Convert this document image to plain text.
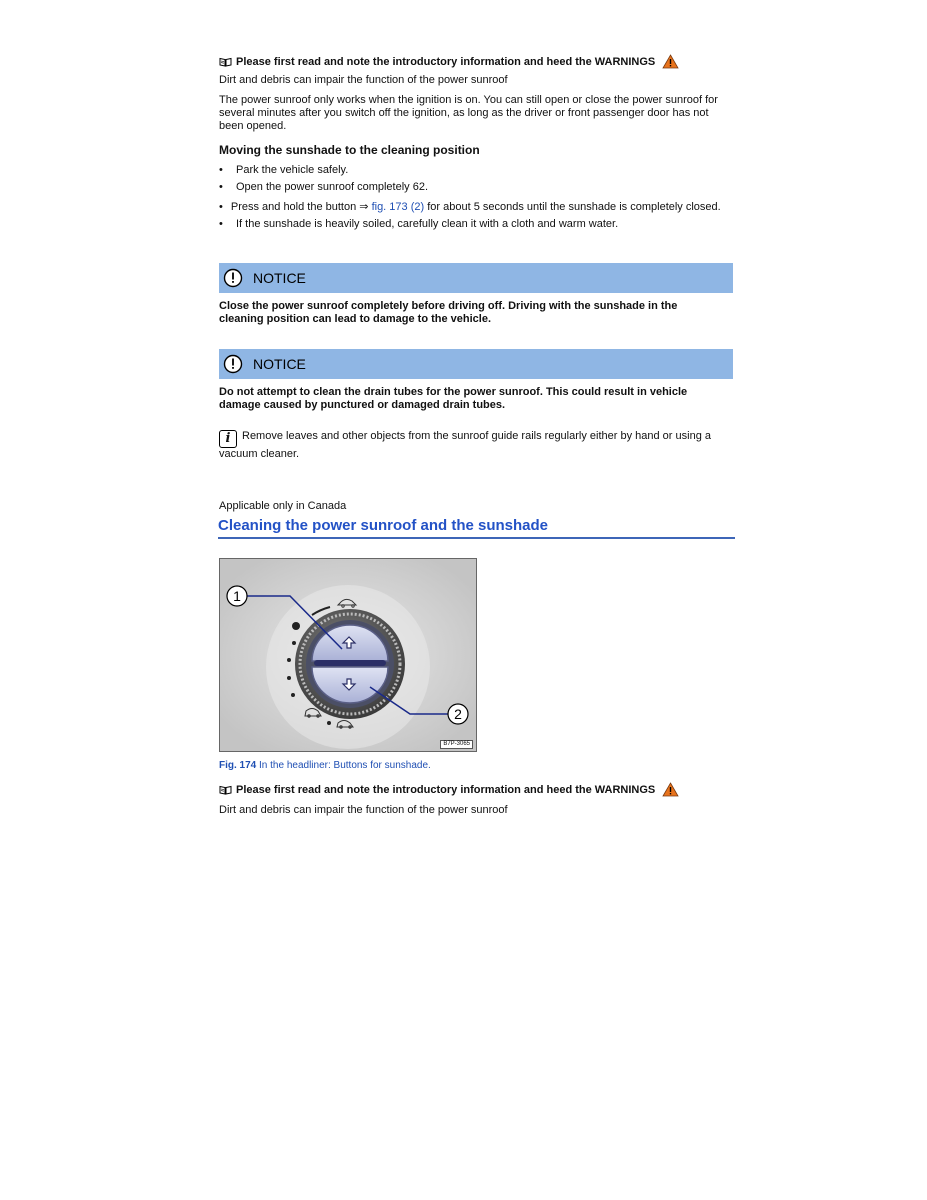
Please first read and note the introductory information and heed the WARNINGS

Dirt and debris can impair the function of the power sunroof

The power sunroof only works when the ignition is on. You can still open or close the power sunroof for several minutes after you switch off the ignition, as long as the driver or front passenger door has not been opened.

Moving the sunshade to the cleaning position
•	Park the vehicle safely.
•	Open the power sunroof completely 62.
• Press and hold the button ⇒ fig. 173 (2) for about 5 seconds until the sunshade is completely closed.
•	If the sunshade is heavily soiled, carefully clean it with a cloth and warm water.
NOTICE

Close the power sunroof completely before driving off. Driving with the sunshade in the cleaning position can lead to damage to the vehicle.

NOTICE

Do not attempt to clean the drain tubes for the power sunroof. This could result in vehicle damage caused by punctured or damaged drain tubes.

i Remove leaves and other objects from the sunroof guide rails regularly either by hand or using a vacuum cleaner.

Applicable only in Canada

Cleaning the power sunroof and the sunshade
1
2
B7P-3065

Fig. 174 In the headliner: Buttons for sunshade.

Please first read and note the introductory information and heed the WARNINGS

Dirt and debris can impair the function of the power sunroof
